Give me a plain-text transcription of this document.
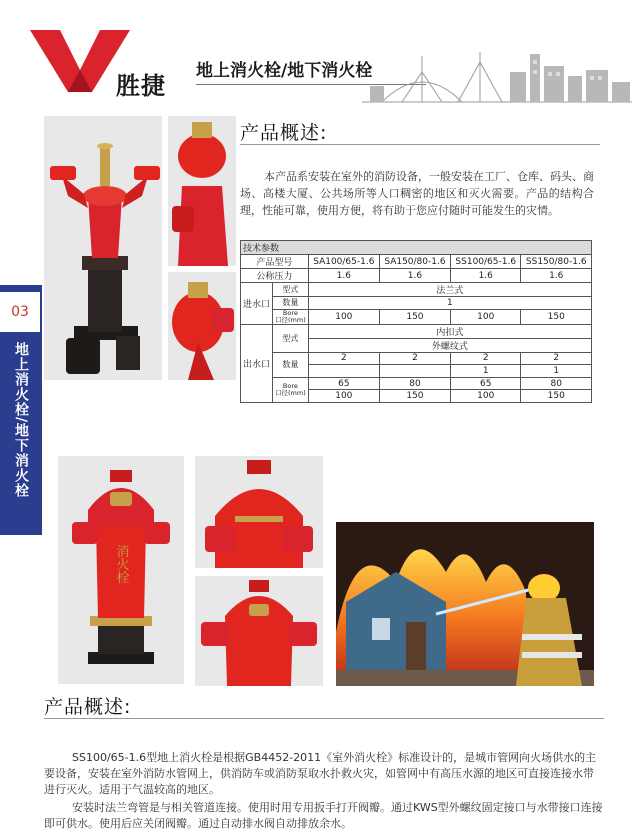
胜捷
地上消火栓/地下消火栓
03
地上消火栓/地下消火栓
产品概述:
本产品系安装在室外的消防设备，一般安装在工厂、仓库、码头、商场、高楼大厦、公共场所等人口稠密的地区和灭火需要。产品的结构合理，性能可靠，使用方便，将有助于您应付随时可能发生的灾情。
技术参数					
产品型号		SA100/65-1.6	SA150/80-1.6	SS100/65-1.6	SS150/80-1.6
公称压力		1.6	1.6	1.6	1.6
进水口	型式	法兰式			
	数量	1			
	Bore
口径(mm)	100	150	100	150
出水口	型式	内扣式			
		外螺纹式			
	数量	2	2	2	2
				1	1
	Bore
口径(mm)	65	80	65	80
		100	150	100	150
消火栓
产品概述:
SS100/65-1.6型地上消火栓是根据GB4452-2011《室外消火栓》标准设计的，是城市管网向火场供水的主要设备，安装在室外消防水管网上，供消防车或消防泵取水扑救火灾，如管网中有高压水源的地区可直接连接水带进行灭火。适用于气温较高的地区。
安装时法兰弯管是与相关管道连接。使用时用专用扳手打开阀瓣。通过KWS型外螺纹固定接口与水带接口连接即可供水。使用后应关闭阀瓣。通过自动排水阀自动排放余水。
